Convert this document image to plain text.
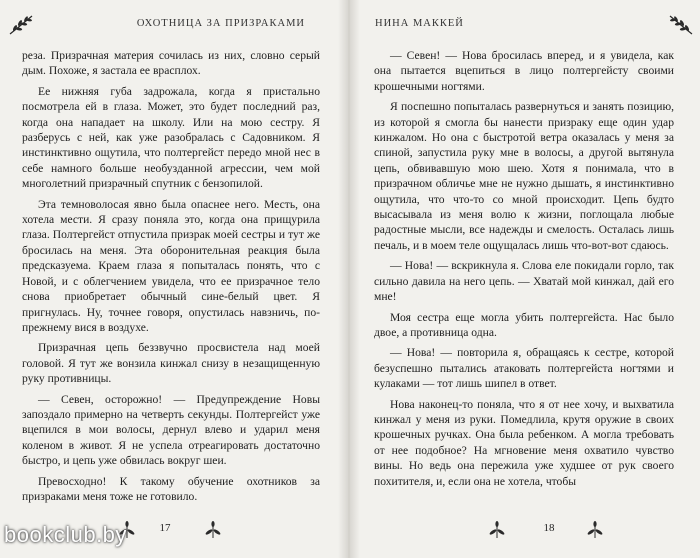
ОХОТНИЦА ЗА ПРИЗРАКАМИ

реза. Призрачная материя сочилась из них, словно серый дым. Похоже, я застала ее врасплох.

Ее нижняя губа задрожала, когда я пристально посмотрела ей в глаза. Может, это будет последний раз, когда она нападает на школу. Или на мою сестру. Я разберусь с ней, как уже разобралась с Садовником. Я инстинктивно ощутила, что полтергейст передо мной нес в себе намного больше необузданной агрессии, чем мой многолетний призрачный спутник с бензопилой.

Эта темноволосая явно была опаснее него. Месть, она хотела мести. Я сразу поняла это, когда она прищурила глаза. Полтергейст отпустила призрак моей сестры и тут же бросилась на меня. Эта оборонительная реакция была предсказуема. Краем глаза я попыталась понять, что с Новой, и с облегчением увидела, что ее призрачное тело снова приобретает обычный сине-белый цвет. Я пригнулась. Ну, точнее говоря, опустилась навзничь, по-прежнему вися в воздухе.

Призрачная цепь беззвучно просвистела над моей головой. Я тут же вонзила кинжал снизу в незащищенную руку противницы.

— Севен, осторожно! — Предупреждение Новы запоздало примерно на четверть секунды. Полтергейст уже вцепился в мои волосы, дернул влево и ударил меня коленом в живот. Я не успела отреагировать достаточно быстро, и цепь уже обвилась вокруг шеи.

Превосходно! К такому обучение охотников за призраками меня тоже не готовило.

17
НИНА МАККЕЙ

— Севен! — Нова бросилась вперед, и я увидела, как она пытается вцепиться в лицо полтергейсту своими крошечными ногтями.

Я поспешно попыталась развернуться и занять позицию, из которой я смогла бы нанести призраку еще один удар кинжалом. Но она с быстротой ветра оказалась у меня за спиной, запустила руку мне в волосы, а другой вытянула цепь, обвивавшую мою шею. Хотя я понимала, что в призрачном обличье мне не нужно дышать, я инстинктивно ощутила, что что-то со мной происходит. Цепь будто высасывала из меня волю к жизни, поглощала любые радостные мысли, все надежды и смелость. Осталась лишь печаль, и в моем теле ощущалась лишь что-вот-вот сдаюсь.

— Нова! — вскрикнула я. Слова еле покидали горло, так сильно давила на него цепь. — Хватай мой кинжал, дай его мне!

Моя сестра еще могла убить полтергейста. Нас было двое, а противница одна.

— Нова! — повторила я, обращаясь к сестре, которой безуспешно пытались атаковать полтергейста ногтями и кулаками — тот лишь шипел в ответ.

Нова наконец-то поняла, что я от нее хочу, и выхватила кинжал у меня из руки. Помедлила, крутя оружие в своих крошечных ручках. Она была ребенком. А могла требовать от нее подобное? На мгновение меня охватило чувство вины. Но ведь она пережила уже худшее от рук своего похитителя, и, если она не хотела, чтобы

18
bookclub.by
